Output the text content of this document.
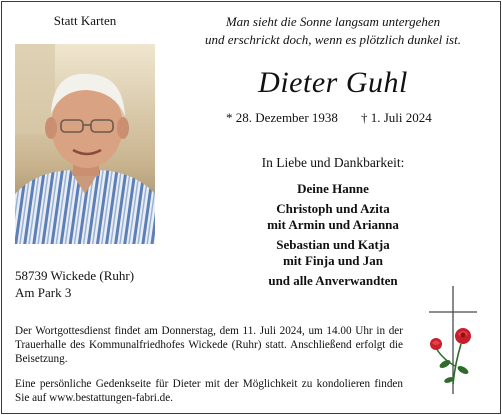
Statt Karten	Man sieht die Sonne langsam untergehen
und erschrickt doch, wenn es plötzlich dunkel ist.
Dieter Guhl
* 28. Dezember 1938 † 1. Juli 2024
In Liebe und Dankbarkeit:
Deine Hanne
Christoph und Azita
mit Armin und Arianna
Sebastian und Katja
mit Finja und Jan
und alle Anverwandten
58739 Wickede (Ruhr)
Am Park 3
Der Wortgottesdienst findet am Donnerstag, dem 11. Juli 2024, um 14.00 Uhr in der Trauerhalle des Kommunalfriedhofes Wickede (Ruhr) statt. Anschließend erfolgt die Beisetzung.
Eine persönliche Gedenkseite für Dieter mit der Möglichkeit zu kondolieren finden Sie auf www.bestattungen-fabri.de.
